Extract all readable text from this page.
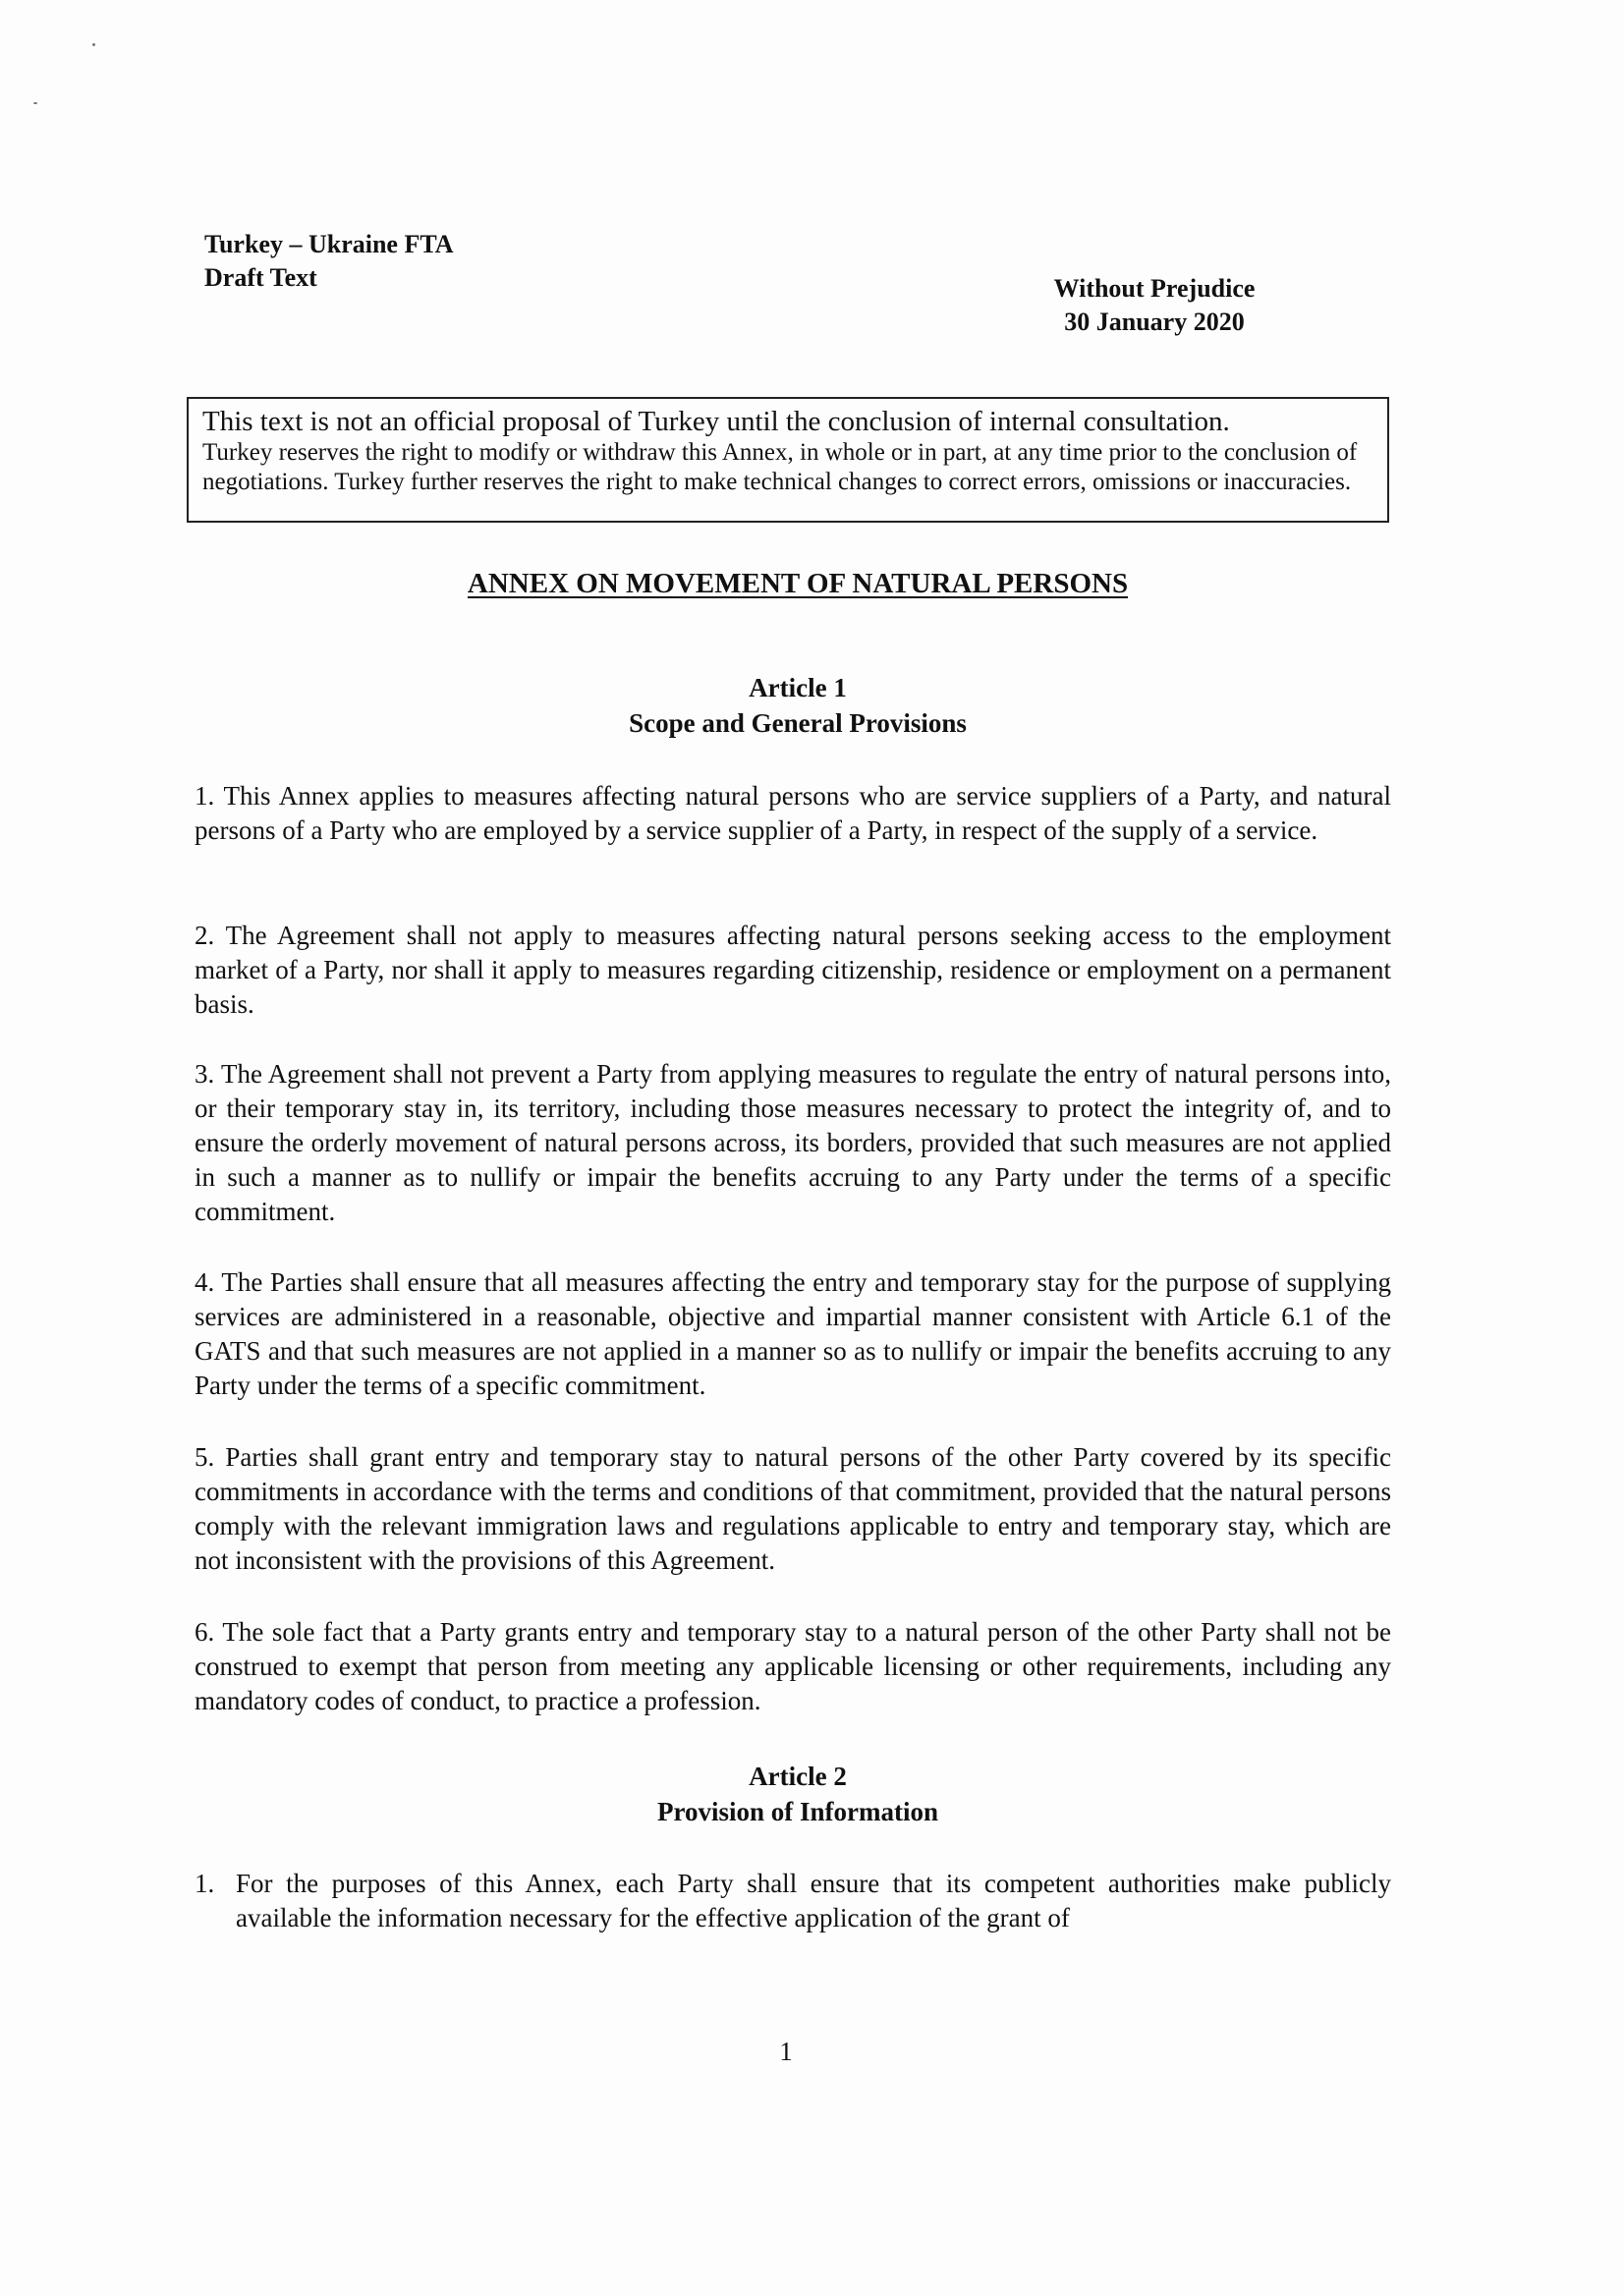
Turkey – Ukraine FTA
Draft Text	Without Prejudice
30 January 2020
This text is not an official proposal of Turkey until the conclusion of internal consultation.
Turkey reserves the right to modify or withdraw this Annex, in whole or in part, at any time prior to the conclusion of negotiations. Turkey further reserves the right to make technical changes to correct errors, omissions or inaccuracies.
ANNEX ON MOVEMENT OF NATURAL PERSONS
Article 1
Scope and General Provisions
1. This Annex applies to measures affecting natural persons who are service suppliers of a Party, and natural persons of a Party who are employed by a service supplier of a Party, in respect of the supply of a service.
2. The Agreement shall not apply to measures affecting natural persons seeking access to the employment market of a Party, nor shall it apply to measures regarding citizenship, residence or employment on a permanent basis.
3. The Agreement shall not prevent a Party from applying measures to regulate the entry of natural persons into, or their temporary stay in, its territory, including those measures necessary to protect the integrity of, and to ensure the orderly movement of natural persons across, its borders, provided that such measures are not applied in such a manner as to nullify or impair the benefits accruing to any Party under the terms of a specific commitment.
4. The Parties shall ensure that all measures affecting the entry and temporary stay for the purpose of supplying services are administered in a reasonable, objective and impartial manner consistent with Article 6.1 of the GATS and that such measures are not applied in a manner so as to nullify or impair the benefits accruing to any Party under the terms of a specific commitment.
5. Parties shall grant entry and temporary stay to natural persons of the other Party covered by its specific commitments in accordance with the terms and conditions of that commitment, provided that the natural persons comply with the relevant immigration laws and regulations applicable to entry and temporary stay, which are not inconsistent with the provisions of this Agreement.
6. The sole fact that a Party grants entry and temporary stay to a natural person of the other Party shall not be construed to exempt that person from meeting any applicable licensing or other requirements, including any mandatory codes of conduct, to practice a profession.
Article 2
Provision of Information
1. For the purposes of this Annex, each Party shall ensure that its competent authorities make publicly available the information necessary for the effective application of the grant of
1
